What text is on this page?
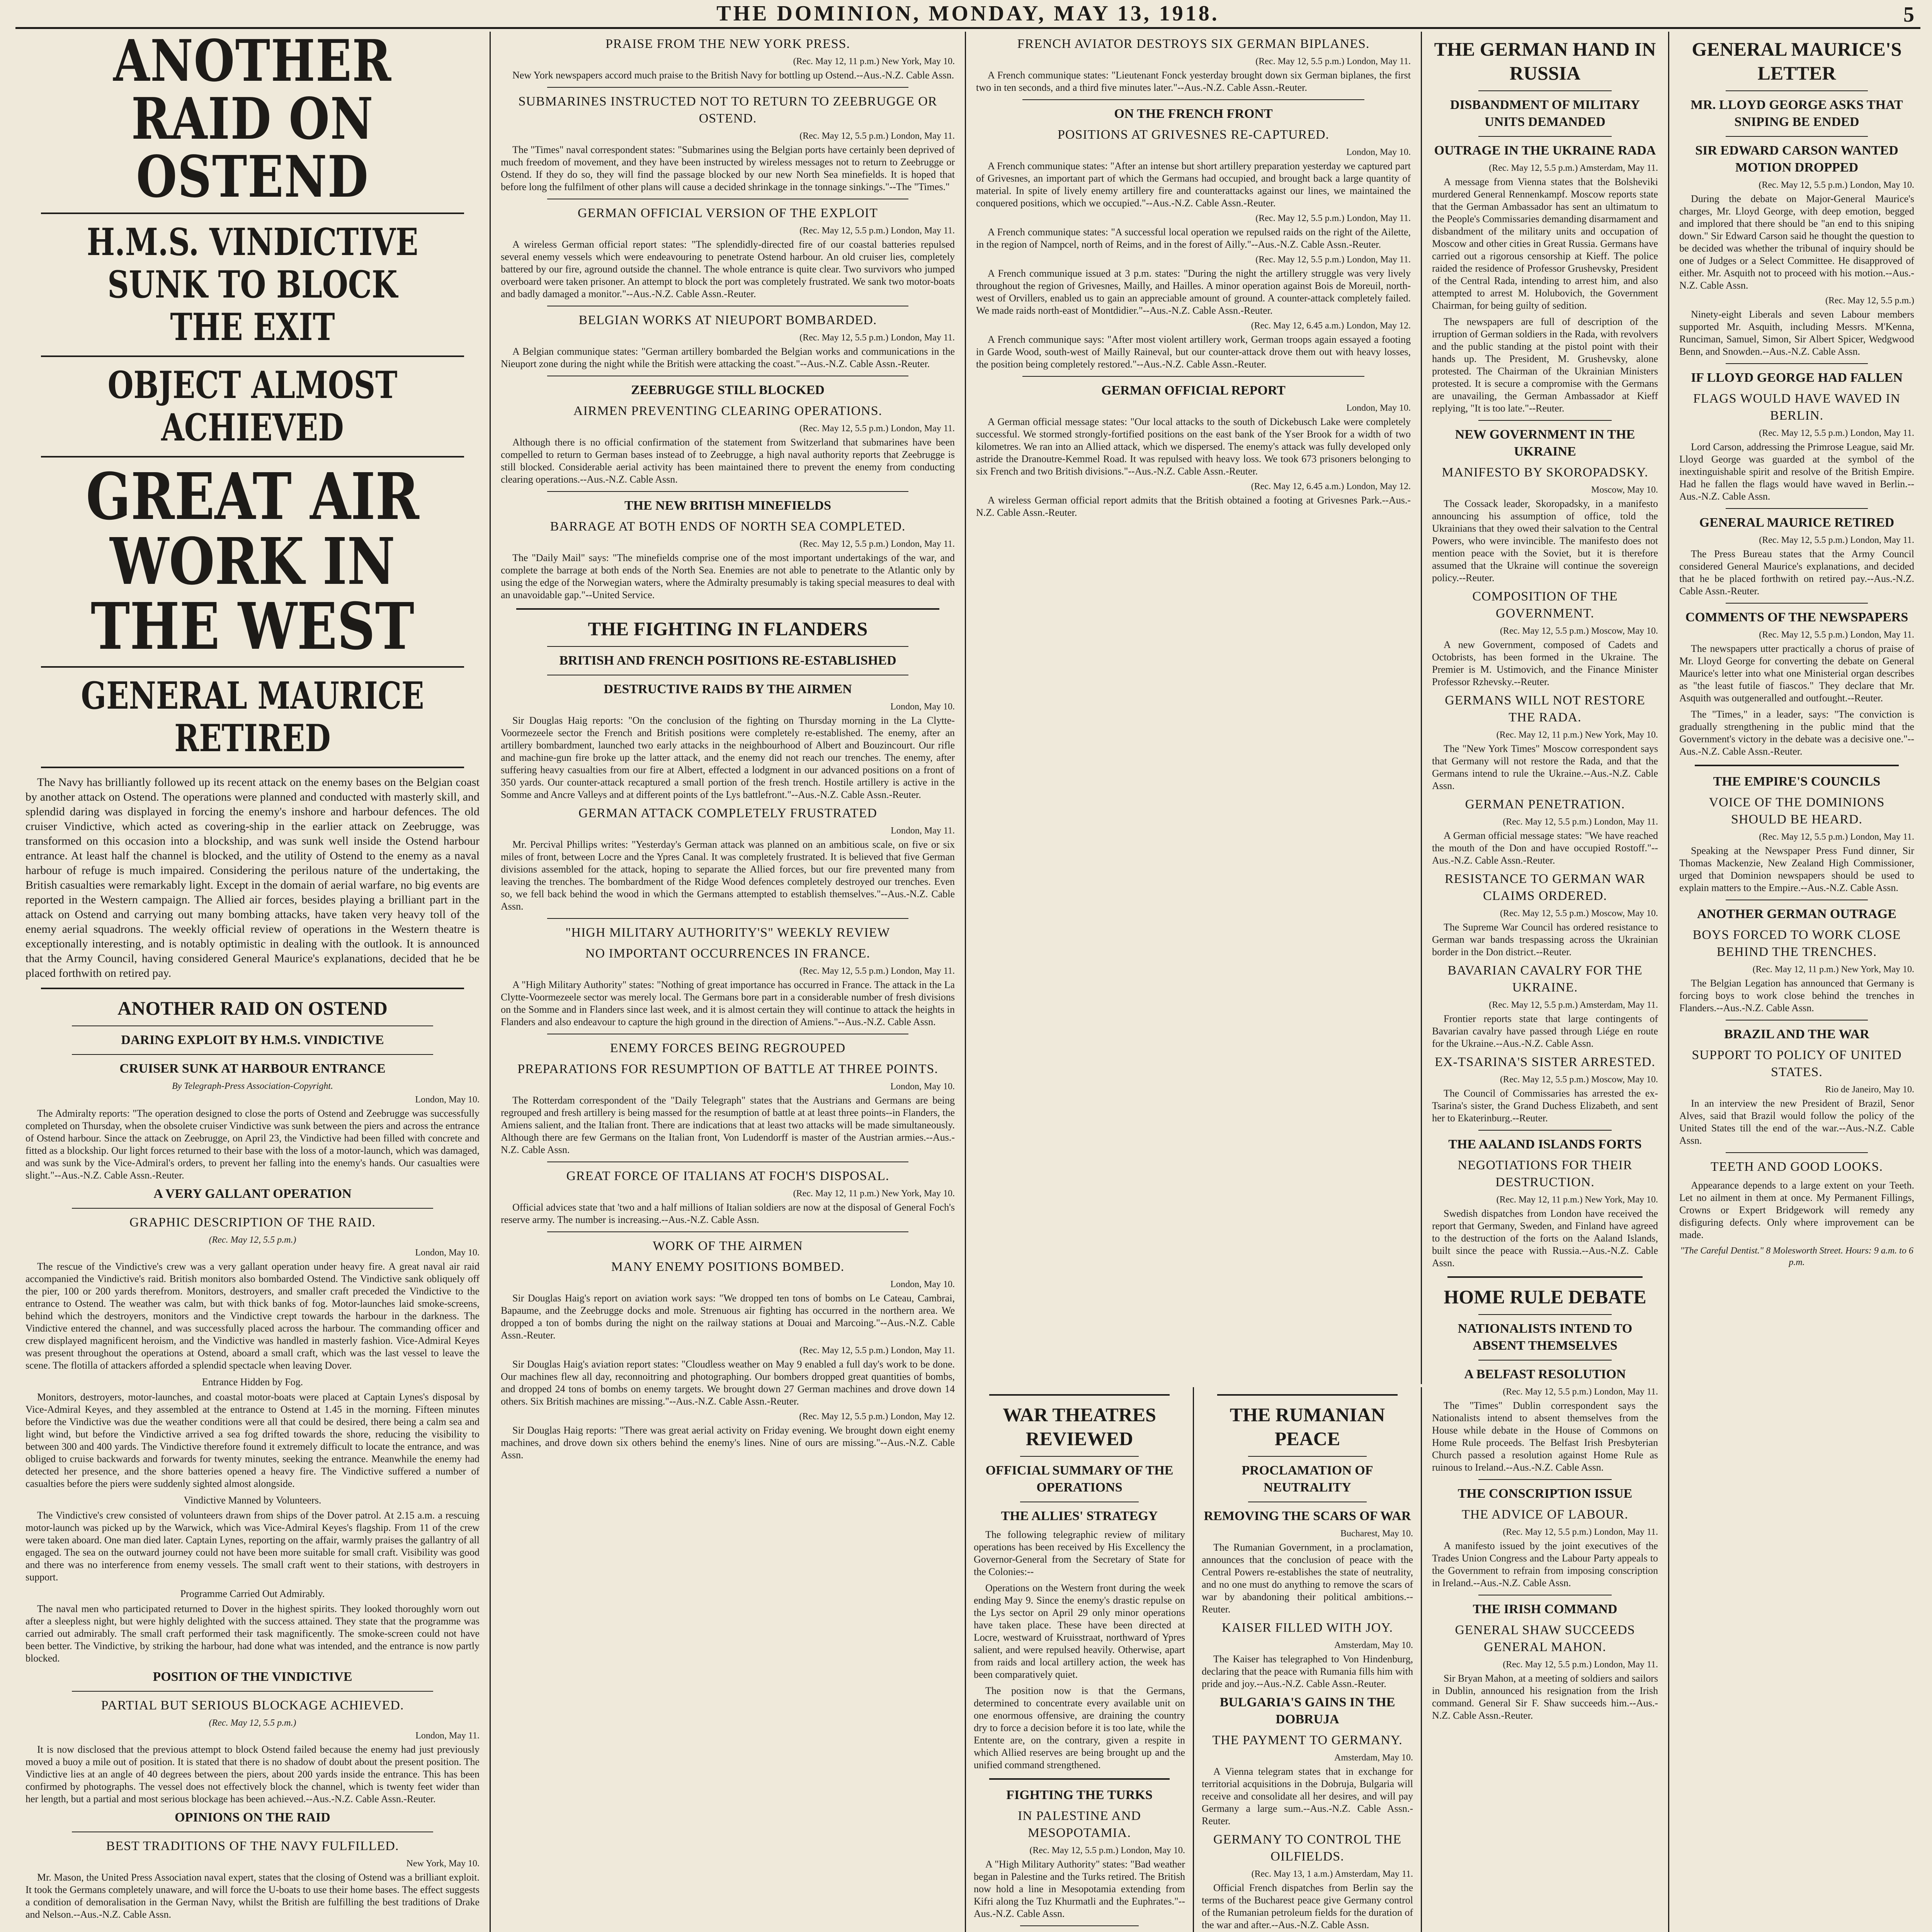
THE DOMINION, MONDAY, MAY 13, 1918.	5
ANOTHER RAID ON OSTEND
H.M.S. VINDICTIVE SUNK TO BLOCK THE EXIT
OBJECT ALMOST ACHIEVED
GREAT AIR WORK IN THE WEST
GENERAL MAURICE RETIRED

The Navy has brilliantly followed up its recent attack on the enemy bases on the Belgian coast by another attack on Ostend. The operations were planned and conducted with masterly skill, and splendid daring was displayed in forcing the enemy's inshore and harbour defences. The old cruiser Vindictive, which acted as covering-ship in the earlier attack on Zeebrugge, was transformed on this occasion into a blockship, and was sunk well inside the Ostend harbour entrance. At least half the channel is blocked, and the utility of Ostend to the enemy as a naval harbour of refuge is much impaired. Considering the perilous nature of the undertaking, the British casualties were remarkably light. Except in the domain of aerial warfare, no big events are reported in the Western campaign. The Allied air forces, besides playing a brilliant part in the attack on Ostend and carrying out many bombing attacks, have taken very heavy toll of the enemy aerial squadrons. The weekly official review of operations in the Western theatre is exceptionally interesting, and is notably optimistic in dealing with the outlook. It is announced that the Army Council, having considered General Maurice's explanations, decided that he be placed forthwith on retired pay.

ANOTHER RAID ON OSTEND
DARING EXPLOIT BY H.M.S. VINDICTIVE
CRUISER SUNK AT HARBOUR ENTRANCE
By Telegraph-Press Association-Copyright.
London, May 10.

The Admiralty reports: "The operation designed to close the ports of Ostend and Zeebrugge was successfully completed on Thursday, when the obsolete cruiser Vindictive was sunk between the piers and across the entrance of Ostend harbour. Since the attack on Zeebrugge, on April 23, the Vindictive had been filled with concrete and fitted as a blockship. Our light forces returned to their base with the loss of a motor-launch, which was damaged, and was sunk by the Vice-Admiral's orders, to prevent her falling into the enemy's hands. Our casualties were slight."--Aus.-N.Z. Cable Assn.-Reuter.

A VERY GALLANT OPERATION
GRAPHIC DESCRIPTION OF THE RAID.
(Rec. May 12, 5.5 p.m.)
London, May 10.

The rescue of the Vindictive's crew was a very gallant operation under heavy fire. A great naval air raid accompanied the Vindictive's raid. British monitors also bombarded Ostend. The Vindictive sank obliquely off the pier, 100 or 200 yards therefrom. Monitors, destroyers, and smaller craft preceded the Vindictive to the entrance to Ostend. The weather was calm, but with thick banks of fog. Motor-launches laid smoke-screens, behind which the destroyers, monitors and the Vindictive crept towards the harbour in the darkness. The Vindictive entered the channel, and was successfully placed across the harbour. The commanding officer and crew displayed magnificent heroism, and the Vindictive was handled in masterly fashion. Vice-Admiral Keyes was present throughout the operations at Ostend, aboard a small craft, which was the last vessel to leave the scene. The flotilla of attackers afforded a splendid spectacle when leaving Dover.

Entrance Hidden by Fog.

Monitors, destroyers, motor-launches, and coastal motor-boats were placed at Captain Lynes's disposal by Vice-Admiral Keyes, and they assembled at the entrance to Ostend at 1.45 in the morning. Fifteen minutes before the Vindictive was due the weather conditions were all that could be desired, there being a calm sea and light wind, but before the Vindictive arrived a sea fog drifted towards the shore, reducing the visibility to between 300 and 400 yards. The Vindictive therefore found it extremely difficult to locate the entrance, and was obliged to cruise backwards and forwards for twenty minutes, seeking the entrance. Meanwhile the enemy had detected her presence, and the shore batteries opened a heavy fire. The Vindictive suffered a number of casualties before the piers were suddenly sighted almost alongside.

Vindictive Manned by Volunteers.

The Vindictive's crew consisted of volunteers drawn from ships of the Dover patrol. At 2.15 a.m. a rescuing motor-launch was picked up by the Warwick, which was Vice-Admiral Keyes's flagship. From 11 of the crew were taken aboard. One man died later. Captain Lynes, reporting on the affair, warmly praises the gallantry of all engaged. The sea on the outward journey could not have been more suitable for small craft. Visibility was good and there was no interference from enemy vessels. The small craft went to their stations, with destroyers in support.

Programme Carried Out Admirably.

The naval men who participated returned to Dover in the highest spirits. They looked thoroughly worn out after a sleepless night, but were highly delighted with the success attained. They state that the programme was carried out admirably. The small craft performed their task magnificently. The smoke-screen could not have been better. The Vindictive, by striking the harbour, had done what was intended, and the entrance is now partly blocked.

POSITION OF THE VINDICTIVE
PARTIAL BUT SERIOUS BLOCKAGE ACHIEVED.
(Rec. May 12, 5.5 p.m.)
London, May 11.

It is now disclosed that the previous attempt to block Ostend failed because the enemy had just previously moved a buoy a mile out of position. It is stated that there is no shadow of doubt about the present position. The Vindictive lies at an angle of 40 degrees between the piers, about 200 yards inside the entrance. This has been confirmed by photographs. The vessel does not effectively block the channel, which is twenty feet wider than her length, but a partial and most serious blockage has been achieved.--Aus.-N.Z. Cable Assn.-Reuter.

OPINIONS ON THE RAID
BEST TRADITIONS OF THE NAVY FULFILLED.
New York, May 10.

Mr. Mason, the United Press Association naval expert, states that the closing of Ostend was a brilliant exploit. It took the Germans completely unaware, and will force the U-boats to use their home bases. The effect suggests a condition of demoralisation in the German Navy, whilst the British are fulfilling the best traditions of Drake and Nelson.--Aus.-N.Z. Cable Assn.

PRAISE FROM THE NEW YORK PRESS.
(Rec. May 12, 11 p.m.) New York, May 10.

New York newspapers accord much praise to the British Navy for bottling up Ostend.--Aus.-N.Z. Cable Assn.

SUBMARINES INSTRUCTED NOT TO RETURN TO ZEEBRUGGE OR OSTEND.
(Rec. May 12, 5.5 p.m.) London, May 11.

The "Times" naval correspondent states: "Submarines using the Belgian ports have certainly been deprived of much freedom of movement, and they have been instructed by wireless messages not to return to Zeebrugge or Ostend. If they do so, they will find the passage blocked by our new North Sea minefields. It is hoped that before long the fulfilment of other plans will cause a decided shrinkage in the tonnage sinkings."--The "Times."

GERMAN OFFICIAL VERSION OF THE EXPLOIT
(Rec. May 12, 5.5 p.m.) London, May 11.

A wireless German official report states: "The splendidly-directed fire of our coastal batteries repulsed several enemy vessels which were endeavouring to penetrate Ostend harbour. An old cruiser lies, completely battered by our fire, aground outside the channel. The whole entrance is quite clear. Two survivors who jumped overboard were taken prisoner. An attempt to block the port was completely frustrated. We sank two motor-boats and badly damaged a monitor."--Aus.-N.Z. Cable Assn.-Reuter.

BELGIAN WORKS AT NIEUPORT BOMBARDED.
(Rec. May 12, 5.5 p.m.) London, May 11.

A Belgian communique states: "German artillery bombarded the Belgian works and communications in the Nieuport zone during the night while the British were attacking the coast."--Aus.-N.Z. Cable Assn.-Reuter.

ZEEBRUGGE STILL BLOCKED
AIRMEN PREVENTING CLEARING OPERATIONS.
(Rec. May 12, 5.5 p.m.) London, May 11.

Although there is no official confirmation of the statement from Switzerland that submarines have been compelled to return to German bases instead of to Zeebrugge, a high naval authority reports that Zeebrugge is still blocked. Considerable aerial activity has been maintained there to prevent the enemy from conducting clearing operations.--Aus.-N.Z. Cable Assn.

THE NEW BRITISH MINEFIELDS
BARRAGE AT BOTH ENDS OF NORTH SEA COMPLETED.
(Rec. May 12, 5.5 p.m.) London, May 11.

The "Daily Mail" says: "The minefields comprise one of the most important undertakings of the war, and complete the barrage at both ends of the North Sea. Enemies are not able to penetrate to the Atlantic only by using the edge of the Norwegian waters, where the Admiralty presumably is taking special measures to deal with an unavoidable gap."--United Service.

THE FIGHTING IN FLANDERS
BRITISH AND FRENCH POSITIONS RE-ESTABLISHED
DESTRUCTIVE RAIDS BY THE AIRMEN
London, May 10.

Sir Douglas Haig reports: "On the conclusion of the fighting on Thursday morning in the La Clytte-Voormezeele sector the French and British positions were completely re-established. The enemy, after an artillery bombardment, launched two early attacks in the neighbourhood of Albert and Bouzincourt. Our rifle and machine-gun fire broke up the latter attack, and the enemy did not reach our trenches. The enemy, after suffering heavy casualties from our fire at Albert, effected a lodgment in our advanced positions on a front of 350 yards. Our counter-attack recaptured a small portion of the fresh trench. Hostile artillery is active in the Somme and Ancre Valleys and at different points of the Lys battlefront."--Aus.-N.Z. Cable Assn.-Reuter.

GERMAN ATTACK COMPLETELY FRUSTRATED
London, May 11.

Mr. Percival Phillips writes: "Yesterday's German attack was planned on an ambitious scale, on five or six miles of front, between Locre and the Ypres Canal. It was completely frustrated. It is believed that five German divisions assembled for the attack, hoping to separate the Allied forces, but our fire prevented many from leaving the trenches. The bombardment of the Ridge Wood defences completely destroyed our trenches. Even so, we fell back behind the wood in which the Germans attempted to establish themselves."--Aus.-N.Z. Cable Assn.

"HIGH MILITARY AUTHORITY'S" WEEKLY REVIEW
NO IMPORTANT OCCURRENCES IN FRANCE.
(Rec. May 12, 5.5 p.m.) London, May 11.

A "High Military Authority" states: "Nothing of great importance has occurred in France. The attack in the La Clytte-Voormezeele sector was merely local. The Germans bore part in a considerable number of fresh divisions on the Somme and in Flanders since last week, and it is almost certain they will continue to attack the heights in Flanders and also endeavour to capture the high ground in the direction of Amiens."--Aus.-N.Z. Cable Assn.

ENEMY FORCES BEING REGROUPED
PREPARATIONS FOR RESUMPTION OF BATTLE AT THREE POINTS.
London, May 10.

The Rotterdam correspondent of the "Daily Telegraph" states that the Austrians and Germans are being regrouped and fresh artillery is being massed for the resumption of battle at at least three points--in Flanders, the Amiens salient, and the Italian front. There are indications that at least two attacks will be made simultaneously. Although there are few Germans on the Italian front, Von Ludendorff is master of the Austrian armies.--Aus.-N.Z. Cable Assn.

GREAT FORCE OF ITALIANS AT FOCH'S DISPOSAL.
(Rec. May 12, 11 p.m.) New York, May 10.

Official advices state that 'two and a half millions of Italian soldiers are now at the disposal of General Foch's reserve army. The number is increasing.--Aus.-N.Z. Cable Assn.

WORK OF THE AIRMEN
MANY ENEMY POSITIONS BOMBED.
London, May 10.

Sir Douglas Haig's report on aviation work says: "We dropped ten tons of bombs on Le Cateau, Cambrai, Bapaume, and the Zeebrugge docks and mole. Strenuous air fighting has occurred in the northern area. We dropped a ton of bombs during the night on the railway stations at Douai and Marcoing."--Aus.-N.Z. Cable Assn.-Reuter.

(Rec. May 12, 5.5 p.m.) London, May 11.

Sir Douglas Haig's aviation report states: "Cloudless weather on May 9 enabled a full day's work to be done. Our machines flew all day, reconnoitring and photographing. Our bombers dropped great quantities of bombs, and dropped 24 tons of bombs on enemy targets. We brought down 27 German machines and drove down 14 others. Six British machines are missing."--Aus.-N.Z. Cable Assn.-Reuter.

(Rec. May 12, 5.5 p.m.) London, May 12.

Sir Douglas Haig reports: "There was great aerial activity on Friday evening. We brought down eight enemy machines, and drove down six others behind the enemy's lines. Nine of ours are missing."--Aus.-N.Z. Cable Assn.

FRENCH AVIATOR DESTROYS SIX GERMAN BIPLANES.
(Rec. May 12, 5.5 p.m.) London, May 11.

A French communique states: "Lieutenant Fonck yesterday brought down six German biplanes, the first two in ten seconds, and a third five minutes later."--Aus.-N.Z. Cable Assn.-Reuter.

ON THE FRENCH FRONT
POSITIONS AT GRIVESNES RE-CAPTURED.
London, May 10.

A French communique states: "After an intense but short artillery preparation yesterday we captured part of Grivesnes, an important part of which the Germans had occupied, and brought back a large quantity of material. In spite of lively enemy artillery fire and counterattacks against our lines, we maintained the conquered positions, which we occupied."--Aus.-N.Z. Cable Assn.-Reuter.

(Rec. May 12, 5.5 p.m.) London, May 11.

A French communique states: "A successful local operation we repulsed raids on the right of the Ailette, in the region of Nampcel, north of Reims, and in the forest of Ailly."--Aus.-N.Z. Cable Assn.-Reuter.

(Rec. May 12, 5.5 p.m.) London, May 11.

A French communique issued at 3 p.m. states: "During the night the artillery struggle was very lively throughout the region of Grivesnes, Mailly, and Hailles. A minor operation against Bois de Moreuil, north-west of Orvillers, enabled us to gain an appreciable amount of ground. A counter-attack completely failed. We made raids north-east of Montdidier."--Aus.-N.Z. Cable Assn.-Reuter.

(Rec. May 12, 6.45 a.m.) London, May 12.

A French communique says: "After most violent artillery work, German troops again essayed a footing in Garde Wood, south-west of Mailly Raineval, but our counter-attack drove them out with heavy losses, the position being completely restored."--Aus.-N.Z. Cable Assn.-Reuter.

GERMAN OFFICIAL REPORT
London, May 10.

A German official message states: "Our local attacks to the south of Dickebusch Lake were completely successful. We stormed strongly-fortified positions on the east bank of the Yser Brook for a width of two kilometres. We ran into an Allied attack, which we dispersed. The enemy's attack was fully developed only astride the Dranoutre-Kemmel Road. It was repulsed with heavy loss. We took 673 prisoners belonging to six French and two British divisions."--Aus.-N.Z. Cable Assn.-Reuter.

(Rec. May 12, 6.45 a.m.) London, May 12.

A wireless German official report admits that the British obtained a footing at Grivesnes Park.--Aus.-N.Z. Cable Assn.-Reuter.

WAR THEATRES REVIEWED
OFFICIAL SUMMARY OF THE OPERATIONS
THE ALLIES' STRATEGY

The following telegraphic review of military operations has been received by His Excellency the Governor-General from the Secretary of State for the Colonies:--

Operations on the Western front during the week ending May 9. Since the enemy's drastic repulse on the Lys sector on April 29 only minor operations have taken place. These have been directed at Locre, westward of Kruisstraat, northward of Ypres salient, and were repulsed heavily. Otherwise, apart from raids and local artillery action, the week has been comparatively quiet.

The position now is that the Germans, determined to concentrate every available unit on one enormous offensive, are draining the country dry to force a decision before it is too late, while the Entente are, on the contrary, given a respite in which Allied reserves are being brought up and the unified command strengthened.

FIGHTING THE TURKS
IN PALESTINE AND MESOPOTAMIA.
(Rec. May 12, 5.5 p.m.) London, May 10.

A "High Military Authority" states: "Bad weather began in Palestine and the Turks retired. The British now hold a line in Mesopotamia extending from Kifri along the Tuz Khurmatli and the Euphrates."--Aus.-N.Z. Cable Assn.

THE RUMANIAN PEACE
PROCLAMATION OF NEUTRALITY
REMOVING THE SCARS OF WAR
Bucharest, May 10.

The Rumanian Government, in a proclamation, announces that the conclusion of peace with the Central Powers re-establishes the state of neutrality, and no one must do anything to remove the scars of war by abandoning their political ambitions.--Reuter.

KAISER FILLED WITH JOY.
Amsterdam, May 10.

The Kaiser has telegraphed to Von Hindenburg, declaring that the peace with Rumania fills him with pride and joy.--Aus.-N.Z. Cable Assn.-Reuter.

BULGARIA'S GAINS IN THE DOBRUJA
THE PAYMENT TO GERMANY.
Amsterdam, May 10.

A Vienna telegram states that in exchange for territorial acquisitions in the Dobruja, Bulgaria will receive and consolidate all her desires, and will pay Germany a large sum.--Aus.-N.Z. Cable Assn.-Reuter.

GERMANY TO CONTROL THE OILFIELDS.
(Rec. May 13, 1 a.m.) Amsterdam, May 11.

Official French dispatches from Berlin say the terms of the Bucharest peace give Germany control of the Rumanian petroleum fields for the duration of the war and after.--Aus.-N.Z. Cable Assn.

THE GERMAN HAND IN RUSSIA
DISBANDMENT OF MILITARY UNITS DEMANDED
OUTRAGE IN THE UKRAINE RADA
(Rec. May 12, 5.5 p.m.) Amsterdam, May 11.

A message from Vienna states that the Bolsheviki murdered General Rennenkampf. Moscow reports state that the German Ambassador has sent an ultimatum to the People's Commissaries demanding disarmament and disbandment of the military units and occupation of Moscow and other cities in Great Russia. Germans have carried out a rigorous censorship at Kieff. The police raided the residence of Professor Grushevsky, President of the Central Rada, intending to arrest him, and also attempted to arrest M. Holubovich, the Government Chairman, for being guilty of sedition.

The newspapers are full of description of the irruption of German soldiers in the Rada, with revolvers and the public standing at the pistol point with their hands up. The President, M. Grushevsky, alone protested. The Chairman of the Ukrainian Ministers protested. It is secure a compromise with the Germans are unavailing, the German Ambassador at Kieff replying, "It is too late."--Reuter.

NEW GOVERNMENT IN THE UKRAINE
MANIFESTO BY SKOROPADSKY.
Moscow, May 10.

The Cossack leader, Skoropadsky, in a manifesto announcing his assumption of office, told the Ukrainians that they owed their salvation to the Central Powers, who were invincible. The manifesto does not mention peace with the Soviet, but it is therefore assumed that the Ukraine will continue the sovereign policy.--Reuter.

COMPOSITION OF THE GOVERNMENT.
(Rec. May 12, 5.5 p.m.) Moscow, May 10.

A new Government, composed of Cadets and Octobrists, has been formed in the Ukraine. The Premier is M. Ustimovich, and the Finance Minister Professor Rzhevsky.--Reuter.

GERMANS WILL NOT RESTORE THE RADA.
(Rec. May 12, 11 p.m.) New York, May 10.

The "New York Times" Moscow correspondent says that Germany will not restore the Rada, and that the Germans intend to rule the Ukraine.--Aus.-N.Z. Cable Assn.

GERMAN PENETRATION.
(Rec. May 12, 5.5 p.m.) London, May 11.

A German official message states: "We have reached the mouth of the Don and have occupied Rostoff."--Aus.-N.Z. Cable Assn.-Reuter.

RESISTANCE TO GERMAN WAR CLAIMS ORDERED.
(Rec. May 12, 5.5 p.m.) Moscow, May 10.

The Supreme War Council has ordered resistance to German war bands trespassing across the Ukrainian border in the Don district.--Reuter.

BAVARIAN CAVALRY FOR THE UKRAINE.
(Rec. May 12, 5.5 p.m.) Amsterdam, May 11.

Frontier reports state that large contingents of Bavarian cavalry have passed through Liége en route for the Ukraine.--Aus.-N.Z. Cable Assn.

EX-TSARINA'S SISTER ARRESTED.
(Rec. May 12, 5.5 p.m.) Moscow, May 10.

The Council of Commissaries has arrested the ex-Tsarina's sister, the Grand Duchess Elizabeth, and sent her to Ekaterinburg.--Reuter.

THE AALAND ISLANDS FORTS
NEGOTIATIONS FOR THEIR DESTRUCTION.
(Rec. May 12, 11 p.m.) New York, May 10.

Swedish dispatches from London have received the report that Germany, Sweden, and Finland have agreed to the destruction of the forts on the Aaland Islands, built since the peace with Russia.--Aus.-N.Z. Cable Assn.

HOME RULE DEBATE
NATIONALISTS INTEND TO ABSENT THEMSELVES
A BELFAST RESOLUTION
(Rec. May 12, 5.5 p.m.) London, May 11.

The "Times" Dublin correspondent says the Nationalists intend to absent themselves from the House while debate in the House of Commons on Home Rule proceeds. The Belfast Irish Presbyterian Church passed a resolution against Home Rule as ruinous to Ireland.--Aus.-N.Z. Cable Assn.

THE CONSCRIPTION ISSUE
THE ADVICE OF LABOUR.
(Rec. May 12, 5.5 p.m.) London, May 11.

A manifesto issued by the joint executives of the Trades Union Congress and the Labour Party appeals to the Government to refrain from imposing conscription in Ireland.--Aus.-N.Z. Cable Assn.

THE IRISH COMMAND
GENERAL SHAW SUCCEEDS GENERAL MAHON.
(Rec. May 12, 5.5 p.m.) London, May 11.

Sir Bryan Mahon, at a meeting of soldiers and sailors in Dublin, announced his resignation from the Irish command. General Sir F. Shaw succeeds him.--Aus.-N.Z. Cable Assn.-Reuter.

GENERAL MAURICE'S LETTER
MR. LLOYD GEORGE ASKS THAT SNIPING BE ENDED
SIR EDWARD CARSON WANTED MOTION DROPPED
(Rec. May 12, 5.5 p.m.) London, May 10.

During the debate on Major-General Maurice's charges, Mr. Lloyd George, with deep emotion, begged and implored that there should be "an end to this sniping down." Sir Edward Carson said he thought the question to be decided was whether the tribunal of inquiry should be one of Judges or a Select Committee. He disapproved of either. Mr. Asquith not to proceed with his motion.--Aus.-N.Z. Cable Assn.

(Rec. May 12, 5.5 p.m.)

Ninety-eight Liberals and seven Labour members supported Mr. Asquith, including Messrs. M'Kenna, Runciman, Samuel, Simon, Sir Albert Spicer, Wedgwood Benn, and Snowden.--Aus.-N.Z. Cable Assn.

IF LLOYD GEORGE HAD FALLEN
FLAGS WOULD HAVE WAVED IN BERLIN.
(Rec. May 12, 5.5 p.m.) London, May 11.

Lord Carson, addressing the Primrose League, said Mr. Lloyd George was guarded at the symbol of the inextinguishable spirit and resolve of the British Empire. Had he fallen the flags would have waved in Berlin.--Aus.-N.Z. Cable Assn.

GENERAL MAURICE RETIRED
(Rec. May 12, 5.5 p.m.) London, May 11.

The Press Bureau states that the Army Council considered General Maurice's explanations, and decided that he be placed forthwith on retired pay.--Aus.-N.Z. Cable Assn.-Reuter.

COMMENTS OF THE NEWSPAPERS
(Rec. May 12, 5.5 p.m.) London, May 11.

The newspapers utter practically a chorus of praise of Mr. Lloyd George for converting the debate on General Maurice's letter into what one Ministerial organ describes as "the least futile of fiascos." They declare that Mr. Asquith was outgeneralled and outfought.--Reuter.

The "Times," in a leader, says: "The conviction is gradually strengthening in the public mind that the Government's victory in the debate was a decisive one."--Aus.-N.Z. Cable Assn.-Reuter.

THE EMPIRE'S COUNCILS
VOICE OF THE DOMINIONS SHOULD BE HEARD.
(Rec. May 12, 5.5 p.m.) London, May 11.

Speaking at the Newspaper Press Fund dinner, Sir Thomas Mackenzie, New Zealand High Commissioner, urged that Dominion newspapers should be used to explain matters to the Empire.--Aus.-N.Z. Cable Assn.

ANOTHER GERMAN OUTRAGE
BOYS FORCED TO WORK CLOSE BEHIND THE TRENCHES.
(Rec. May 12, 11 p.m.) New York, May 10.

The Belgian Legation has announced that Germany is forcing boys to work close behind the trenches in Flanders.--Aus.-N.Z. Cable Assn.

BRAZIL AND THE WAR
SUPPORT TO POLICY OF UNITED STATES.
Rio de Janeiro, May 10.

In an interview the new President of Brazil, Senor Alves, said that Brazil would follow the policy of the United States till the end of the war.--Aus.-N.Z. Cable Assn.

TEETH AND GOOD LOOKS.

Appearance depends to a large extent on your Teeth. Let no ailment in them at once. My Permanent Fillings, Crowns or Expert Bridgework will remedy any disfiguring defects. Only where improvement can be made.

"The Careful Dentist." 8 Molesworth Street. Hours: 9 a.m. to 6 p.m.
